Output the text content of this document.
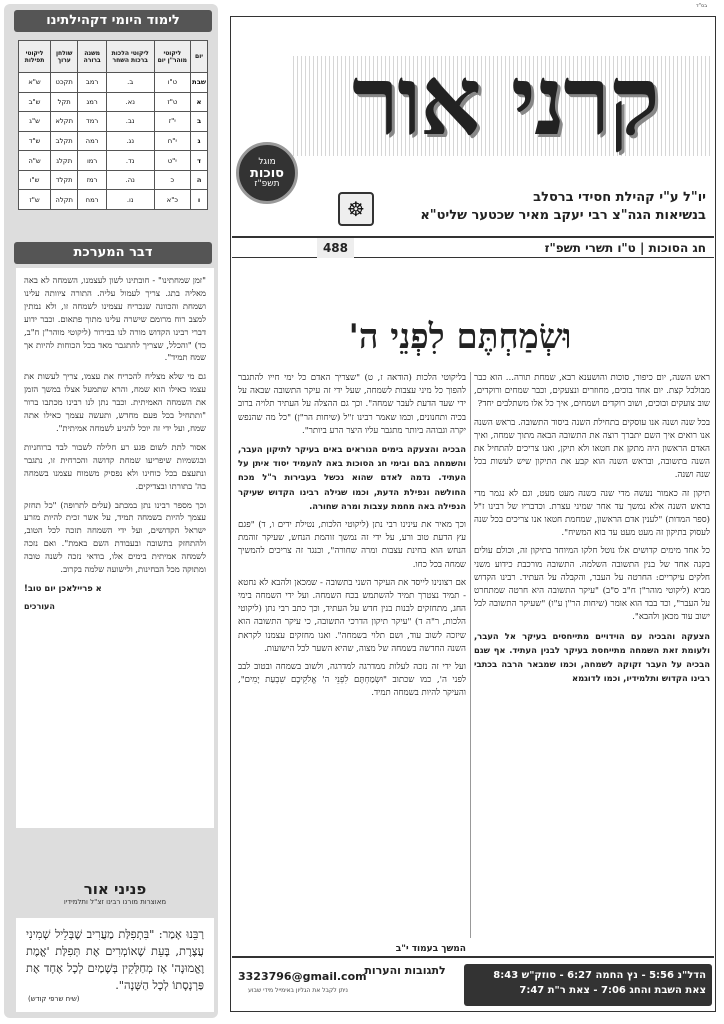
בס"ד
לימוד היומי דקהילתינו
יום	ליקוטי מוהר"ן יום	ליקוטי הלכות ברכות השחר	משנה ברורה	שולחן ערוך	ליקוטי תפילות
שבת	ט"ו	ב.	רמב	תקכט	ש"א
א	ט"ז	נא.	רמג	תקל	ש"ב
ב	י"ז	נב.	רמד	תקלא	ש"ג
ג	י"ח	נג.	רמה	תקלב	ש"ד
ד	י"ט	נד.	רמו	תקלג	ש"ה
ה	כ	נה.	רמז	תקלד	ש"ו
ו	כ"א	נו.	רמח	תקלה	ש"ז
דבר המערכת

"זמן שמחתינו" - חובתינו לשון לעצמנו, השמחה לא באה מאליה בתג. צריך לעמול עליה. התורה ציוותה עלינו ושמחת והכוונה שנכריח עצמינו לשמחה זו, ולא נמתין למצב רוח מרומם שישרה עלינו מתוך פתאום. וכבר ידוע דברי רבינו הקדוש מורה לנו בבירור (ליקוטי מוהר"ן ח"ב, כד) "והכלל, שצריך להתגבר מאד בכל הכוחות להיות אך שמח תמיד".

גם מי שלא מצליח להכריח את עצמו, צריך לעשות את עצמו כאילו הוא שמח, והרא שתמעל אצלו במשך הזמן את השמחה האמיתית. וכבר נתן לנו רבינו מכתבו ברור "ותתחיל בכל פעם מחדש, ותעשה עצמך כאילו אתה שמח, ועל ידי זה יוכל להגיע לשמחה אמיתית".

אסור לתת לשום פגע רע חלילה לשבור לבד ברוחניות ובגשמיות שיפריעו שמחת קדושה והכרחית זו, נתגבר ונתעצם בכל כוחינו ולא נפסיק משמוח עצמנו בשמחה בה' בתורתו ובצדיקים.

וכך מספר רבינו נתן במכתב (עלים לתרופה) "כל תחזק עצמך להיות בשמחה תמיד, על אשר זכית להיות מזרע ישראל הקדושים, ועל ידי השמחה תזכה לכל הטוב, ולהתחזק בתשובה ובעבודת השם באמת". ואם נזכה לשמחה אמיתית בימים אלו, בודאי נזכה לשנה טובה ומתוקה מכל הבחינות, ולישועה שלמה בקרוב.

א פריילאכן יום טוב!

העורכים

פניני אור
מאוצרות מורנו רבינו זצ"ל ותלמידיו
רַבֵּנוּ אָמַר: "בִּתְפִלַּת מַעֲרִיב שֶׁבְּלֵיל שְׁמִינִי עֲצֶרֶת, בָּעֵת שֶׁאוֹמְרִים אֶת תְּפִלַּת 'אֱמֶת וֶאֱמוּנָה' אָז מְחַלְּקִין בְּשָׁמַיִם לְכָל אֶחָד אֶת פַּרְנָסָתוֹ לְכָל הַשָּׁנָה".
(שיח שרפי קודש)
קרני אור
מוגל
סוכות
תשפ"ז
יו"ל ע"י קהילת חסידי ברסלב
בנשיאות הגה"צ רבי יעקב מאיר שכטער שליט"א
☸
חג הסוכות | ט"ו תשרי תשפ"ז
488
וּשְׂמַחְתֶּם לִפְנֵי ה'

ראש השנה, יום כיפור, סוכות והושענא רבא, שמחת תורה... הוא כבר מבולבל קצת. יום אחד בוכים, מחוזרים ונצעקים, וכבר שמחים ורוקדים, שוב צועקים ובוכים, ושוב רוקדים ושמחים, איך כל אלו משתלבים יחד?

בכל שנה ושנה אנו עוסקים בתחילת השנה ביסוד התשובה. בראש השנה אנו רואים איך השם יתברך רוצה את התשובה הבאה מתוך שמחה, ואיך האדם הראשון היה מתקן את חטאו ולא תיקן, ואנו צריכים להתחיל את השנה בתשובה, ובראש השנה הוא קבע את התיקון שיש לעשות בכל שנה ושנה.

תיקון זה כאמור נעשה מדי שנה בשנה מעט מעט, וגם לא נגמר מדי בראש השנה אלא נמשך עד אחר שמיני עצרת. וכדבריו של רבינו ז"ל (ספר המדות) "לענין אדם הראשון, שמחמת חטאו אנו צריכים בכל שנה לעסוק בתיקון זה מעט מעט עד בוא המשיח".

כל אחד מימים קדושים אלו נוטל חלקו המיוחד בתיקון זה, וכולם עולים בקנה אחד של בנין התשובה השלמה. התשובה מורכבת כידוע משני חלקים עיקריים: החרטה על העבר, והקבלה על העתיד. רבינו הקדוש מביא (ליקוטי מוהר"ן ח"ב ס"ב) "עיקר התשובה היא חרטה שמתחרט על העבר", וכד בבד הוא אומר (שיחות הר"ן ע"ו) "שעיקר התשובה לבל ישוב עוד מכאן ולהבא".

הצעקה והבכיה עם הוידויים מתייחסים בעיקר אל העבר, ולעומת זאת השמחה מתייחסת בעיקר לבנין העתיד. אף שגם הבכיה על העבר זקוקה לשמחה, וכמו שמבאר הרבה בכתבי רבינו הקדוש ותלמידיו, וכמו לדוגמא

בליקוטי הלכות (הודאה ז, ט) "שצריך האדם כל ימי חייו להתגבר להפוך כל מיני עצבות לשמחה, שעל ידי זה עיקר התשובה שבאה על ידי שעד הדעת לעבר שמחה". וכך גם ההצלה על העתיד תלויה ברוב בכיה ותחנונים, וכמו שאמר רבינו ז"ל (שיחות הר"ן) "כל מה שהנפש יקרה וגבוהה ביותר מתגבר עליו היצר הרע ביותר".

הבכיה והצעקה בימים הנוראים באים בעיקר לתיקון העבר, והשמחה בהם ובימי חג הסוכות באה להעמיד יסוד איתן על העתיד. נדמה לאדם שהוא נכשל בעבירות ר"ל מכח החולשה ונפילת הדעת, וכמו שגילה רבינו הקדוש שעיקר הנפילה באה מחמת עצבות ומרה שחורה.

וכך מאיר את עינינו רבי נתן (ליקוטי הלכות, נטילת ידים ו, ד) "פגם עץ הדעת טוב ורע, על ידי זה נמשך זוהמת הנחש, שעיקר זוהמת הנחש הוא בחינת עצבות ומרה שחורה", וכנגד זה צריכים להמשיך שמחה בכל כחו.

אם רצונינו לייסד את העיקר השני בתשובה - שמכאן ולהבא לא נחטא - תמיד נצטרך תמיד להשתמש בכח השמחה. ועל ידי השמחה בימי החג, מתחזקים לבנות בנין חדש על העתיד, וכך כתב רבי נתן (ליקוטי הלכות, ר"ה ד) "עיקר תיקון הדרכי התשובה, כי עיקר התשובה הוא שיזכה לשוב עוד, ושם תלוי בשמחה". ואנו מחזקים עצמנו לקראת השנה החדשה בשמחה של מצוה, שהיא השער לכל הישועות.

ועל ידי זה נזכה לעלות ממדרגה למדרגה, ולשוב בשמחה ובטוב לבב לפני ה', כמו שכתוב "וּשְׂמַחְתֶּם לִפְנֵי ה' אֱלֹקֵיכֶם שִׁבְעַת יָמִים", והעיקר להיות בשמחה תמיד.

המשך בעמוד י"ב
הדל"נ 5:56 - נץ החמה 6:27 - סוזק"ש 8:43
צאת השבת והחג 7:06 - צאת ר"ת 7:47
לתגובות והערות
3323796@gmail.com
ניתן לקבל את הגליון באימייל מידי שבוע
